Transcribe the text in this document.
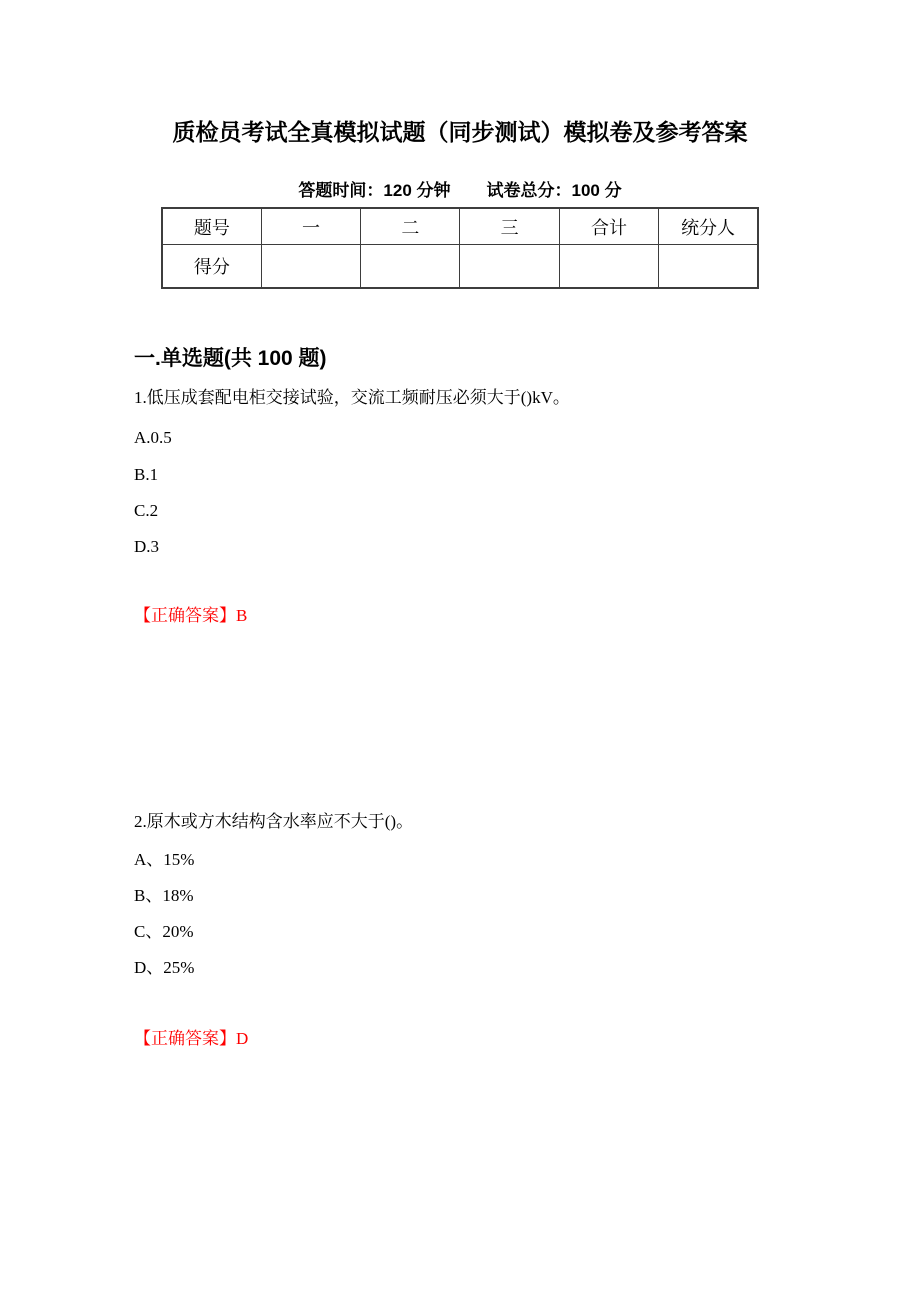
质检员考试全真模拟试题（同步测试）模拟卷及参考答案
答题时间：120 分钟 试卷总分：100 分
题号	一	二	三	合计	统分人
得分					
一.单选题(共 100 题)
1.低压成套配电柜交接试验，交流工频耐压必须大于()kV。
A.0.5
B.1
C.2
D.3
【正确答案】B
2.原木或方木结构含水率应不大于()。
A、15%
B、18%
C、20%
D、25%
【正确答案】D
